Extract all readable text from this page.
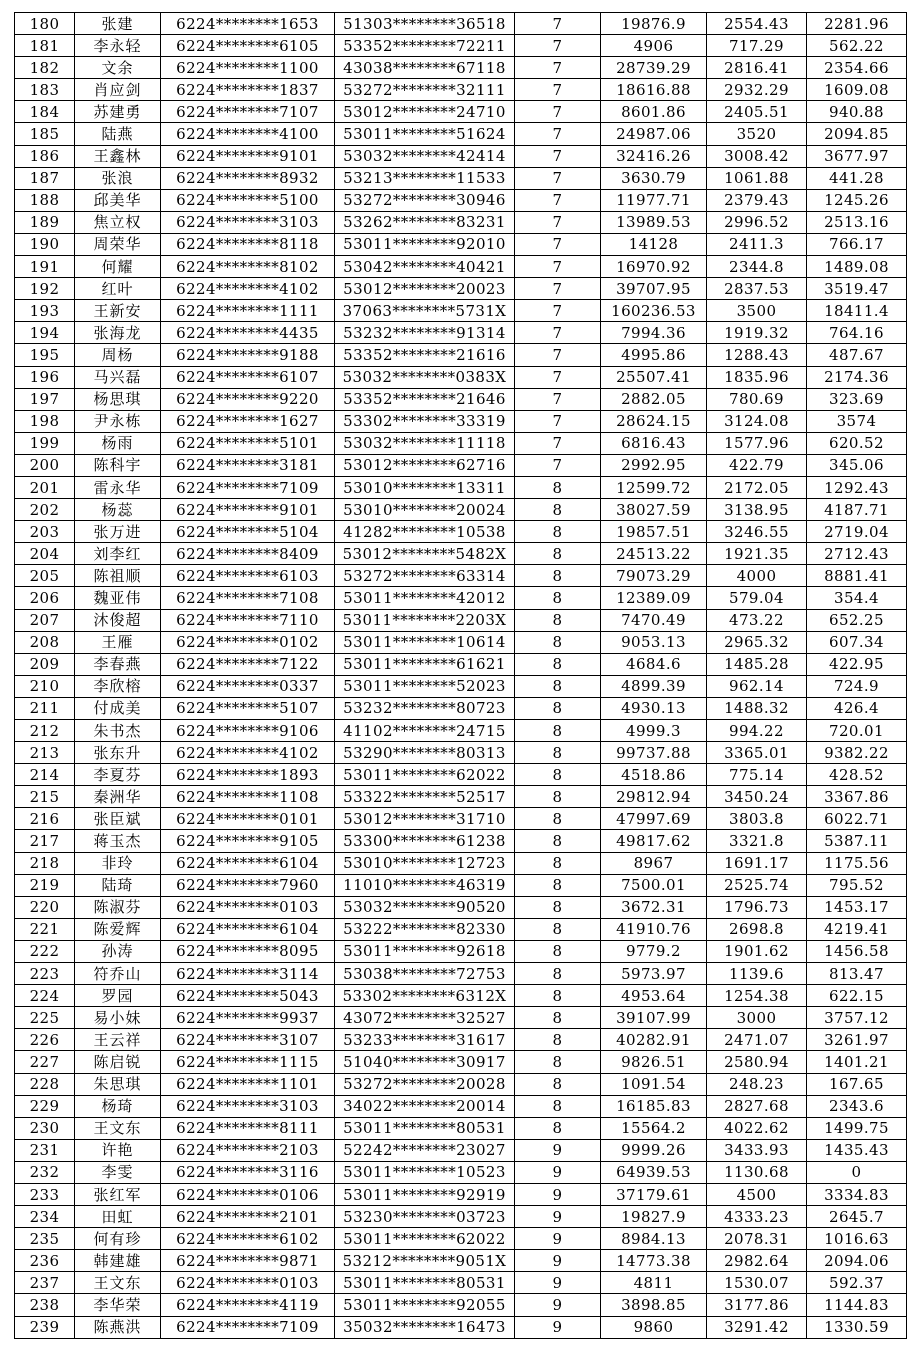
180	张建	6224********1653	51303********36518	7	19876.9	2554.43	2281.96
181	李永轻	6224********6105	53352********72211	7	4906	717.29	562.22
182	文余	6224********1100	43038********67118	7	28739.29	2816.41	2354.66
183	肖应剑	6224********1837	53272********32111	7	18616.88	2932.29	1609.08
184	苏建勇	6224********7107	53012********24710	7	8601.86	2405.51	940.88
185	陆燕	6224********4100	53011********51624	7	24987.06	3520	2094.85
186	王鑫林	6224********9101	53032********42414	7	32416.26	3008.42	3677.97
187	张浪	6224********8932	53213********11533	7	3630.79	1061.88	441.28
188	邱美华	6224********5100	53272********30946	7	11977.71	2379.43	1245.26
189	焦立权	6224********3103	53262********83231	7	13989.53	2996.52	2513.16
190	周荣华	6224********8118	53011********92010	7	14128	2411.3	766.17
191	何耀	6224********8102	53042********40421	7	16970.92	2344.8	1489.08
192	红叶	6224********4102	53012********20023	7	39707.95	2837.53	3519.47
193	王新安	6224********1111	37063********5731X	7	160236.53	3500	18411.4
194	张海龙	6224********4435	53232********91314	7	7994.36	1919.32	764.16
195	周杨	6224********9188	53352********21616	7	4995.86	1288.43	487.67
196	马兴磊	6224********6107	53032********0383X	7	25507.41	1835.96	2174.36
197	杨思琪	6224********9220	53352********21646	7	2882.05	780.69	323.69
198	尹永栋	6224********1627	53302********33319	7	28624.15	3124.08	3574
199	杨雨	6224********5101	53032********11118	7	6816.43	1577.96	620.52
200	陈科宇	6224********3181	53012********62716	7	2992.95	422.79	345.06
201	雷永华	6224********7109	53010********13311	8	12599.72	2172.05	1292.43
202	杨蕊	6224********9101	53010********20024	8	38027.59	3138.95	4187.71
203	张万进	6224********5104	41282********10538	8	19857.51	3246.55	2719.04
204	刘李红	6224********8409	53012********5482X	8	24513.22	1921.35	2712.43
205	陈祖顺	6224********6103	53272********63314	8	79073.29	4000	8881.41
206	魏亚伟	6224********7108	53011********42012	8	12389.09	579.04	354.4
207	沐俊超	6224********7110	53011********2203X	8	7470.49	473.22	652.25
208	王雁	6224********0102	53011********10614	8	9053.13	2965.32	607.34
209	李春燕	6224********7122	53011********61621	8	4684.6	1485.28	422.95
210	李欣榕	6224********0337	53011********52023	8	4899.39	962.14	724.9
211	付成美	6224********5107	53232********80723	8	4930.13	1488.32	426.4
212	朱书杰	6224********9106	41102********24715	8	4999.3	994.22	720.01
213	张东升	6224********4102	53290********80313	8	99737.88	3365.01	9382.22
214	李夏芬	6224********1893	53011********62022	8	4518.86	775.14	428.52
215	秦洲华	6224********1108	53322********52517	8	29812.94	3450.24	3367.86
216	张臣斌	6224********0101	53012********31710	8	47997.69	3803.8	6022.71
217	蒋玉杰	6224********9105	53300********61238	8	49817.62	3321.8	5387.11
218	非玲	6224********6104	53010********12723	8	8967	1691.17	1175.56
219	陆琦	6224********7960	11010********46319	8	7500.01	2525.74	795.52
220	陈淑芬	6224********0103	53032********90520	8	3672.31	1796.73	1453.17
221	陈爱辉	6224********6104	53222********82330	8	41910.76	2698.8	4219.41
222	孙涛	6224********8095	53011********92618	8	9779.2	1901.62	1456.58
223	符乔山	6224********3114	53038********72753	8	5973.97	1139.6	813.47
224	罗园	6224********5043	53302********6312X	8	4953.64	1254.38	622.15
225	易小妹	6224********9937	43072********32527	8	39107.99	3000	3757.12
226	王云祥	6224********3107	53233********31617	8	40282.91	2471.07	3261.97
227	陈启锐	6224********1115	51040********30917	8	9826.51	2580.94	1401.21
228	朱思琪	6224********1101	53272********20028	8	1091.54	248.23	167.65
229	杨琦	6224********3103	34022********20014	8	16185.83	2827.68	2343.6
230	王文东	6224********8111	53011********80531	8	15564.2	4022.62	1499.75
231	许艳	6224********2103	52242********23027	9	9999.26	3433.93	1435.43
232	李雯	6224********3116	53011********10523	9	64939.53	1130.68	0
233	张红军	6224********0106	53011********92919	9	37179.61	4500	3334.83
234	田虹	6224********2101	53230********03723	9	19827.9	4333.23	2645.7
235	何有珍	6224********6102	53011********62022	9	8984.13	2078.31	1016.63
236	韩建雄	6224********9871	53212********9051X	9	14773.38	2982.64	2094.06
237	王文东	6224********0103	53011********80531	9	4811	1530.07	592.37
238	李华荣	6224********4119	53011********92055	9	3898.85	3177.86	1144.83
239	陈燕洪	6224********7109	35032********16473	9	9860	3291.42	1330.59
